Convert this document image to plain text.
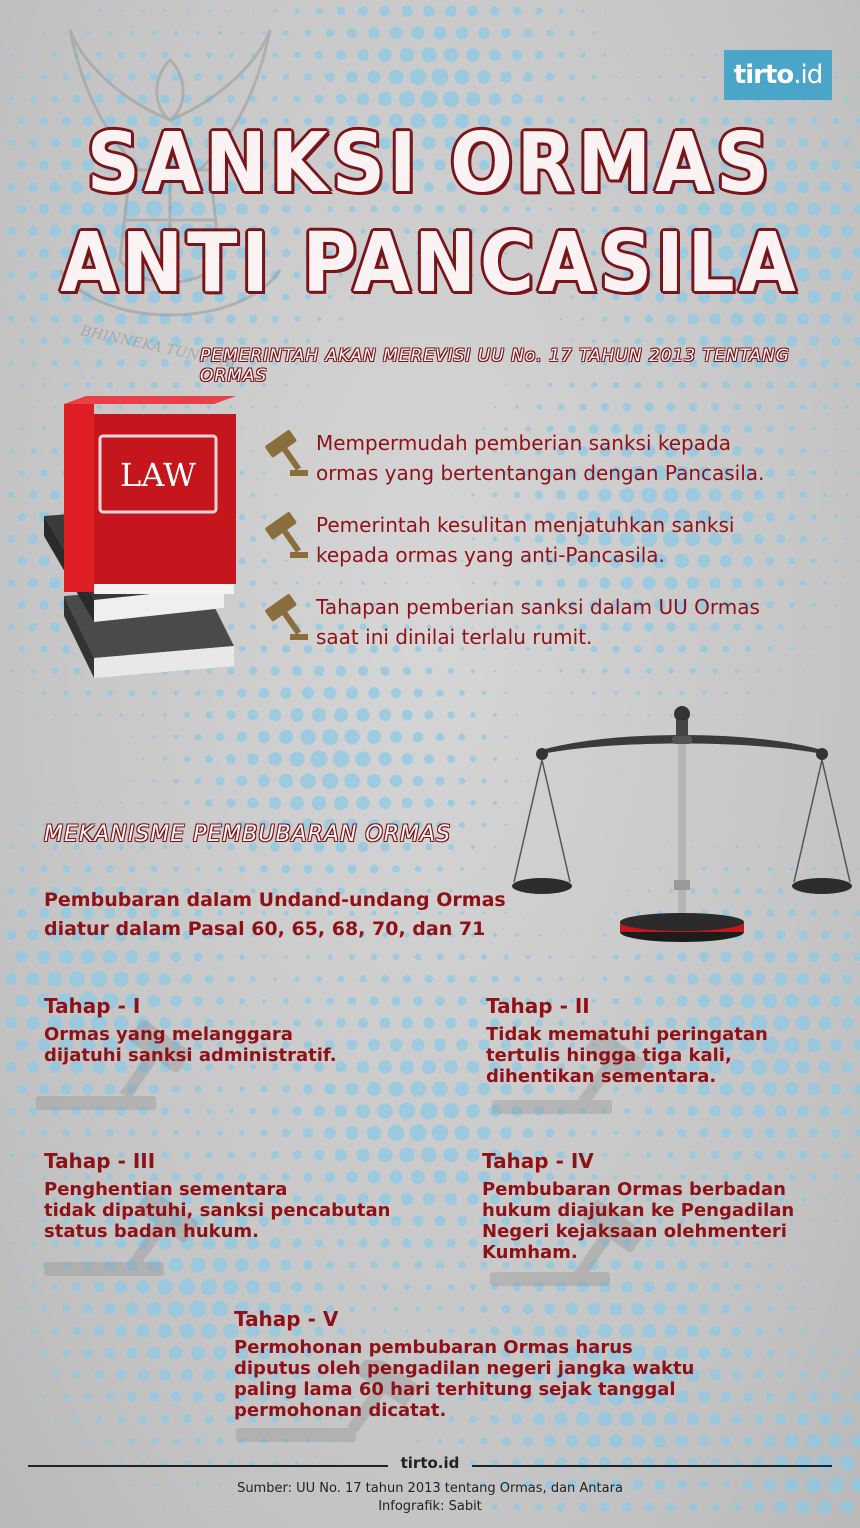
BHINNEKA TUNGGAL
tirto .id
SANKSI ORMAS
ANTI PANCASILA
PEMERINTAH AKAN MEREVISI UU No. 17 TAHUN 2013 TENTANG ORMAS
LAW
Mempermudah pemberian sanksi kepada
ormas yang bertentangan dengan Pancasila.
Pemerintah kesulitan menjatuhkan sanksi
kepada ormas yang anti-Pancasila.
Tahapan pemberian sanksi dalam UU Ormas
saat ini dinilai terlalu rumit.
MEKANISME PEMBUBARAN ORMAS
Pembubaran dalam Undand-undang Ormas
diatur dalam Pasal 60, 65, 68, 70, dan 71
Tahap - I
Ormas yang melanggara
dijatuhi sanksi administratif.
Tahap - II
Tidak mematuhi peringatan
tertulis hingga tiga kali,
dihentikan sementara.
Tahap - III
Penghentian sementara
tidak dipatuhi, sanksi pencabutan
status badan hukum.
Tahap - IV
Pembubaran Ormas berbadan
hukum diajukan ke Pengadilan
Negeri kejaksaan olehmenteri
Kumham.
Tahap - V
Permohonan pembubaran Ormas harus
diputus oleh pengadilan negeri jangka waktu
paling lama 60 hari terhitung sejak tanggal
permohonan dicatat.
tirto.id
Sumber: UU No. 17 tahun 2013 tentang Ormas, dan Antara
Infografik: Sabit
